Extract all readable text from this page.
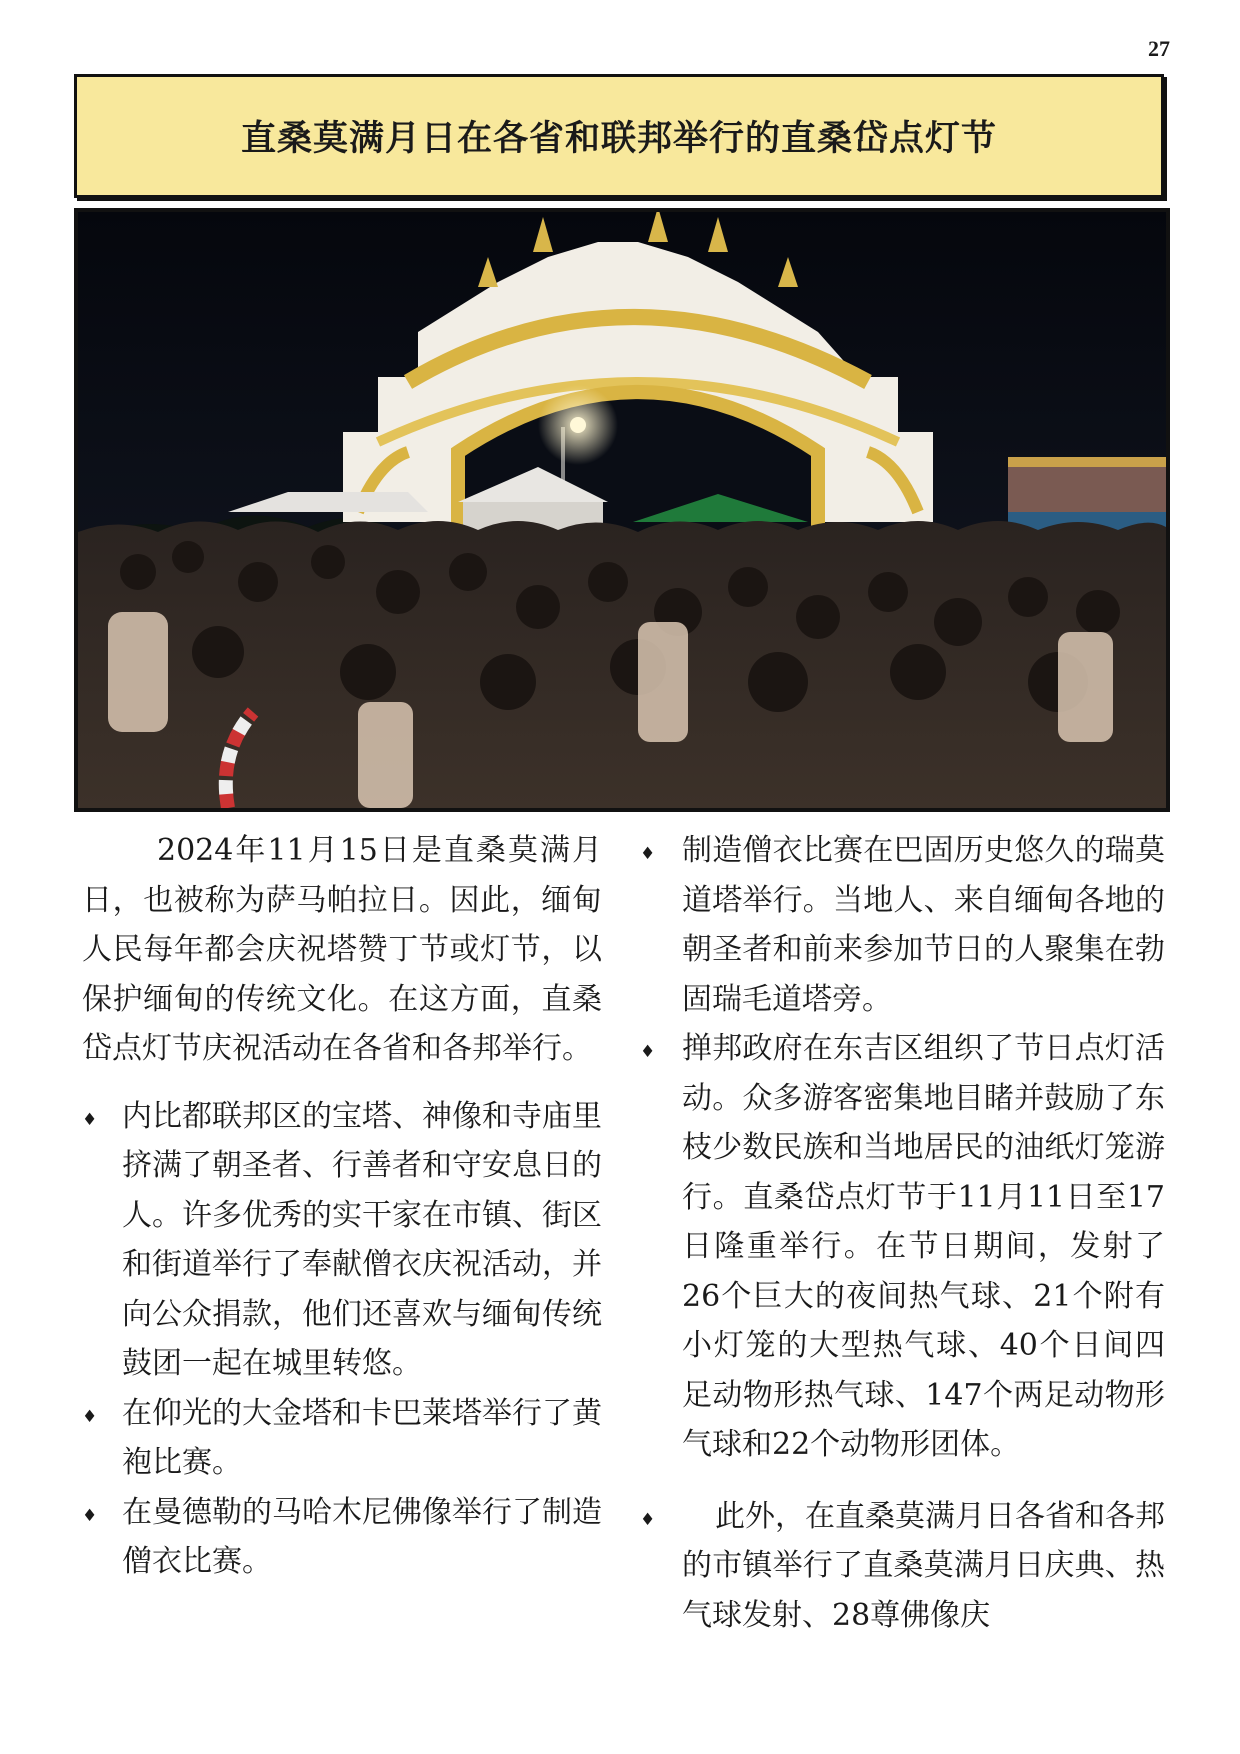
27
直桑莫满月日在各省和联邦举行的直桑岱点灯节

2024年11月15日是直桑莫满月日，也被称为萨马帕拉日。因此，缅甸人民每年都会庆祝塔赞丁节或灯节，以保护缅甸的传统文化。在这方面，直桑岱点灯节庆祝活动在各省和各邦举行。

♦ 内比都联邦区的宝塔、神像和寺庙里挤满了朝圣者、行善者和守安息日的人。许多优秀的实干家在市镇、街区和街道举行了奉献僧衣庆祝活动，并向公众捐款，他们还喜欢与缅甸传统鼓团一起在城里转悠。
♦ 在仰光的大金塔和卡巴莱塔举行了黄袍比赛。
♦ 在曼德勒的马哈木尼佛像举行了制造僧衣比赛。
♦ 制造僧衣比赛在巴固历史悠久的瑞莫道塔举行。当地人、来自缅甸各地的朝圣者和前来参加节日的人聚集在勃固瑞毛道塔旁。
♦ 掸邦政府在东吉区组织了节日点灯活动。众多游客密集地目睹并鼓励了东枝少数民族和当地居民的油纸灯笼游行。直桑岱点灯节于11月11日至17日隆重举行。在节日期间，发射了26个巨大的夜间热气球、21个附有小灯笼的大型热气球、40个日间四足动物形热气球、147个两足动物形气球和22个动物形团体。
♦	此外，在直桑莫满月日各省和各邦的市镇举行了直桑莫满月日庆典、热气球发射、28尊佛像庆
